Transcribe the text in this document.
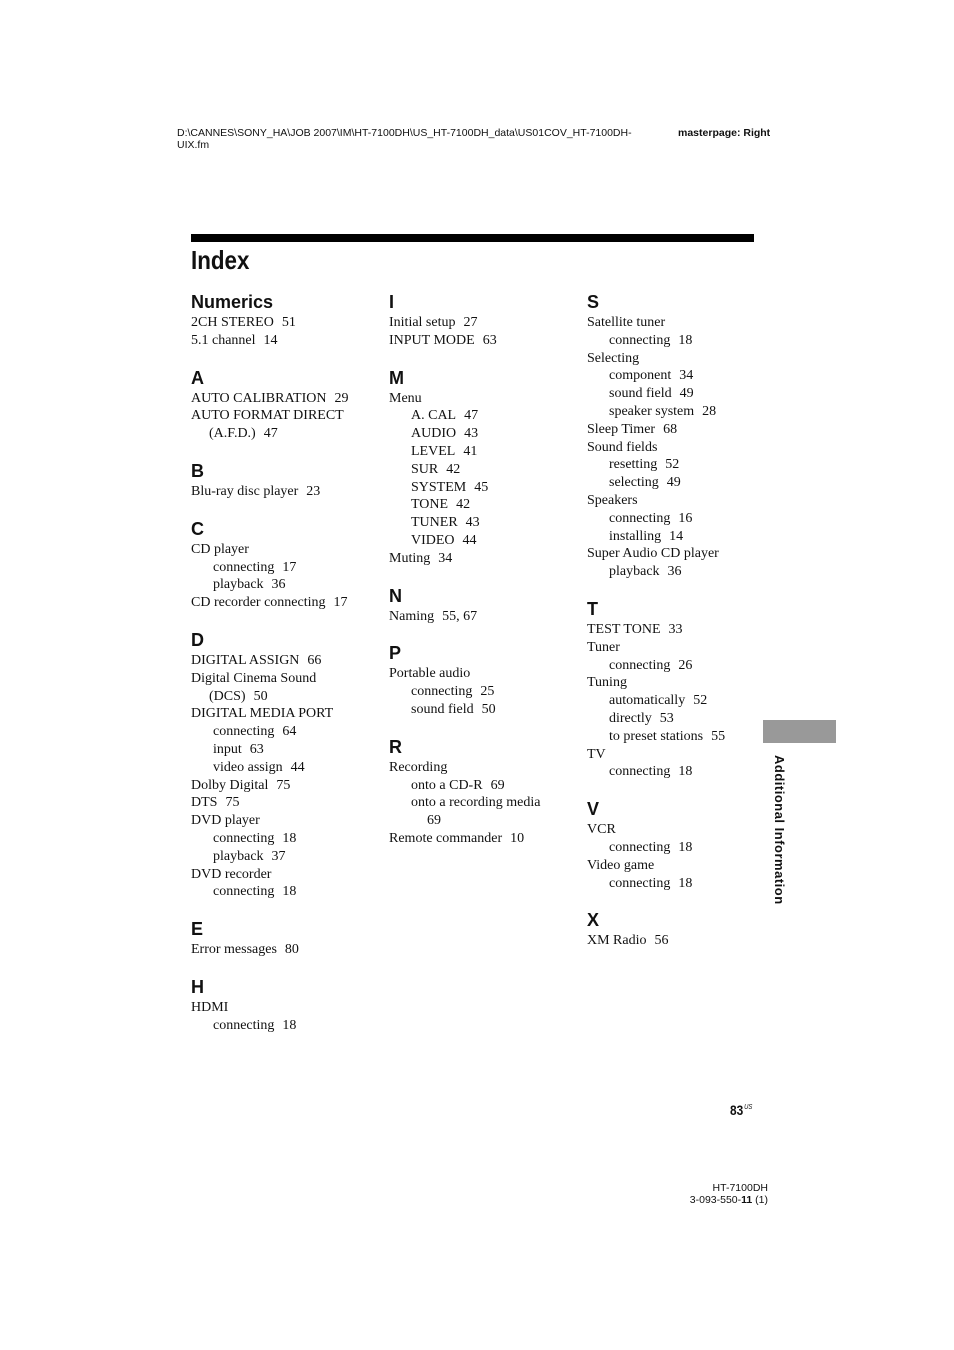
D:\CANNES\SONY_HA\JOB 2007\IM\HT-7100DH\US_HT-7100DH_data\US01COV_HT-7100DH-
UIX.fm
masterpage: Right
Index
Numerics
2CH STEREO 51
5.1 channel 14
A
AUTO CALIBRATION 29
AUTO FORMAT DIRECT
(A.F.D.) 47
B
Blu-ray disc player 23
C
CD player
connecting 17
playback 36
CD recorder connecting 17
D
DIGITAL ASSIGN 66
Digital Cinema Sound
(DCS) 50
DIGITAL MEDIA PORT
connecting 64
input 63
video assign 44
Dolby Digital 75
DTS 75
DVD player
connecting 18
playback 37
DVD recorder
connecting 18
E
Error messages 80
H
HDMI
connecting 18
I
Initial setup 27
INPUT MODE 63
M
Menu
A. CAL 47
AUDIO 43
LEVEL 41
SUR 42
SYSTEM 45
TONE 42
TUNER 43
VIDEO 44
Muting 34
N
Naming 55, 67
P
Portable audio
connecting 25
sound field 50
R
Recording
onto a CD-R 69
onto a recording media
69
Remote commander 10
S
Satellite tuner
connecting 18
Selecting
component 34
sound field 49
speaker system 28
Sleep Timer 68
Sound fields
resetting 52
selecting 49
Speakers
connecting 16
installing 14
Super Audio CD player
playback 36
T
TEST TONE 33
Tuner
connecting 26
Tuning
automatically 52
directly 53
to preset stations 55
TV
connecting 18
V
VCR
connecting 18
Video game
connecting 18
X
XM Radio 56
Additional Information
$83^{US}$
HT-7100DH
3-093-550-11 (1)
